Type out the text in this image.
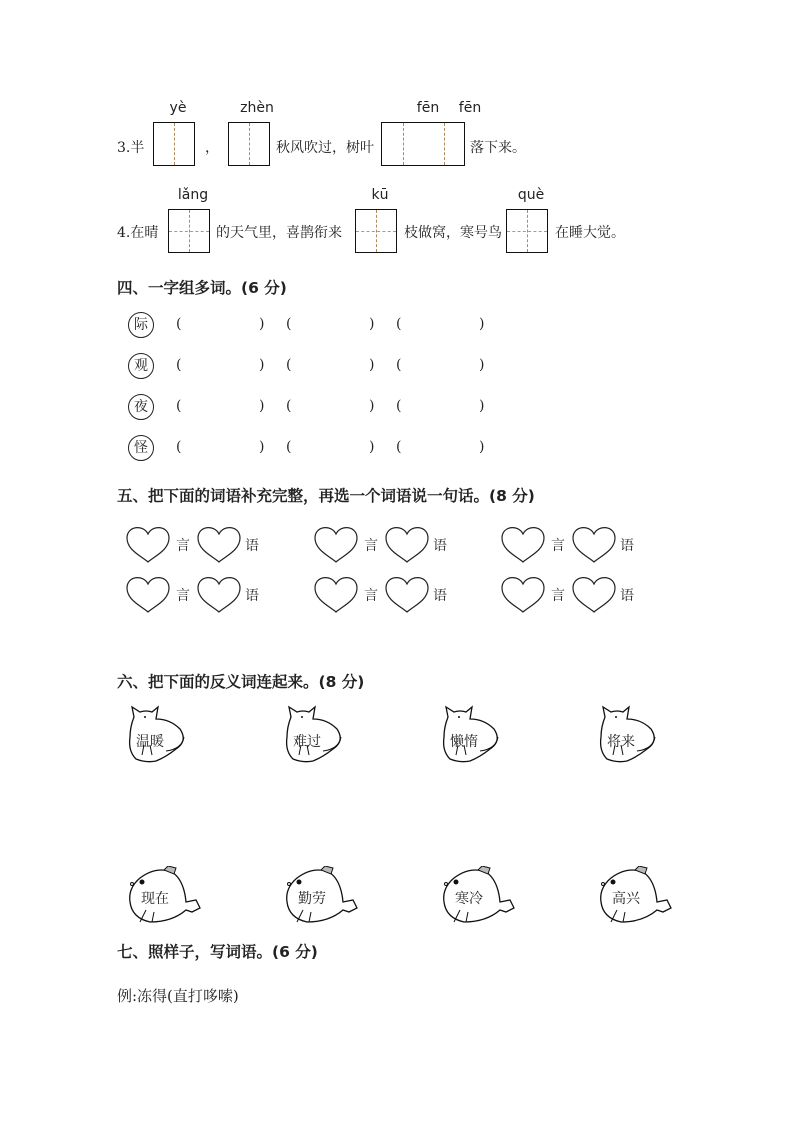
3.半
yè
，
zhèn
秋风吹过，树叶
fēn	fēn
落下来。
4.在晴
lǎng
的天气里，喜鹊衔来
kū
枝做窝，寒号鸟
què
在睡大觉。
四、一字组多词。(6 分)
五、把下面的词语补充完整，再选一个词语说一句话。(8 分)
六、把下面的反义词连起来。(8 分)
七、照样子，写词语。(6 分)
例:冻得(直打哆嗦)
际	(	) (	) (	)
观	(	) (	) (	)
夜	(	) (	) (	)
怪	(	) (	) (	)
言	语	言	语	言	语
言	语	言	语	言	语
温暖
现在
难过
勤劳
懒惰
寒冷
将来
高兴
